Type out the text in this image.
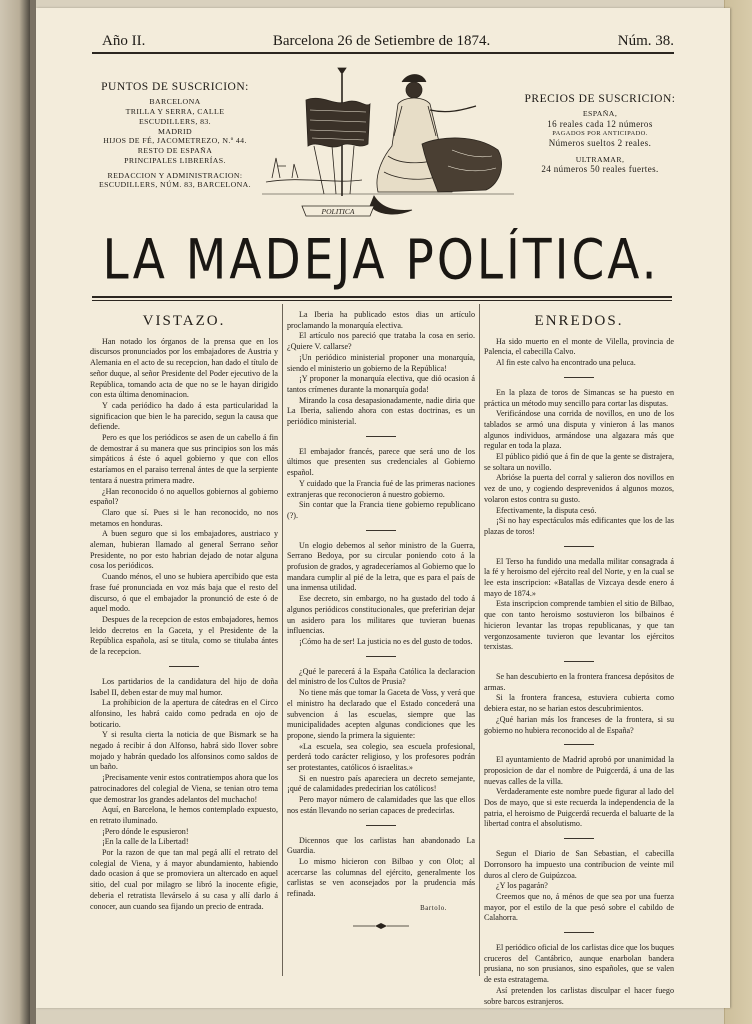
Año II.	Barcelona 26 de Setiembre de 1874.	Núm. 38.
PUNTOS DE SUSCRICION:
BARCELONA
TRILLA Y SERRA, CALLE ESCUDILLERS, 83.
MADRID
HIJOS DE FÉ, JACOMETREZO, N.º 44.
RESTO DE ESPAÑA
PRINCIPALES LIBRERÍAS.
REDACCION Y ADMINISTRACION:
ESCUDILLERS, NÚM. 83, BARCELONA.
POLITICA
PRECIOS DE SUSCRICION:
ESPAÑA,
16 reales cada 12 números
PAGADOS POR ANTICIPADO.
Números sueltos 2 reales.
ULTRAMAR,
24 números 50 reales fuertes.
LA MADEJA POLÍTICA.
VISTAZO.

Han notado los órganos de la prensa que en los discursos pronunciados por los embajadores de Austria y Alemania en el acto de su recepcion, han dado el título de señor duque, al señor Presidente del Poder ejecutivo de la República, tomando acta de que no se le hayan dirigido con esta última denominacion.

Y cada periódico ha dado á esta particularidad la significacion que bien le ha parecido, segun la causa que defiende.

Pero es que los periódicos se asen de un cabello á fin de demostrar á su manera que sus principios son los más simpáticos á éste ó aquel gobierno y que con ellos estaríamos en el paraiso terrenal ántes de que la serpiente tentara á nuestra primera madre.

¿Han reconocido ó no aquellos gobiernos al gobierno español?

Claro que sí. Pues si le han reconocido, no nos metamos en honduras.

A buen seguro que si los embajadores, austriaco y aleman, hubieran llamado al general Serrano señor Presidente, no por esto habrian dejado de notar alguna cosa los periódicos.

Cuando ménos, el uno se hubiera apercibido que esta frase fué pronunciada en voz más baja que el resto del discurso, ó que el embajador la pronunció de este ó de aquel modo.

Despues de la recepcion de estos embajadores, hemos leido decretos en la Gaceta, y el Presidente de la República española, así se titula, como se titulaba ántes de la recepcion.

Los partidarios de la candidatura del hijo de doña Isabel II, deben estar de muy mal humor.

La prohibicion de la apertura de cátedras en el Circo alfonsino, les habrá caido como pedrada en ojo de boticario.

Y si resulta cierta la noticia de que Bismark se ha negado á recibir á don Alfonso, habrá sido llover sobre mojado y habrán quedado los alfonsinos como saldos de un baño.

¡Precisamente venir estos contratiempos ahora que los patrocinadores del colegial de Viena, se tenian otro tema que demostrar los grandes adelantos del muchacho!

Aquí, en Barcelona, le hemos contemplado expuesto, en retrato iluminado.

¡Pero dónde le espusieron!

¡En la calle de la Libertad!

Por la razon de que tan mal pegá allí el retrato del colegial de Viena, y á mayor abundamiento, habiendo dado ocasion á que se promoviera un altercado en aquel sitio, del cual por milagro se libró la inocente efigie, deberia el retratista llevárselo á su casa y allí darlo á conocer, aun cuando sea fijando un precio de entrada.

La Iberia ha publicado estos dias un artículo proclamando la monarquía electiva.

El artículo nos pareció que trataba la cosa en serio. ¿Quiere V. callarse?

¡Un periódico ministerial proponer una monarquía, siendo el ministerio un gobierno de la República!

¡Y proponer la monarquía electiva, que dió ocasion á tantos crímenes durante la monarquía goda!

Mirando la cosa desapasionadamente, nadie diria que La Iberia, saliendo ahora con estas doctrinas, es un periódico ministerial.

El embajador francés, parece que será uno de los últimos que presenten sus credenciales al Gobierno español.

Y cuidado que la Francia fué de las primeras naciones extranjeras que reconocieron á nuestro gobierno.

Sin contar que la Francia tiene gobierno republicano (?).

Un elogio debemos al señor ministro de la Guerra, Serrano Bedoya, por su circular poniendo coto á la profusion de grados, y agradeceríamos al Gobierno que lo mandara cumplir al pié de la letra, que es para el país de una inmensa utilidad.

Ese decreto, sin embargo, no ha gustado del todo á algunos periódicos constitucionales, que preferirian dejar un asidero para los militares que tuvieran buenas influencias.

¡Cómo ha de ser! La justicia no es del gusto de todos.

¿Qué le parecerá á la España Católica la declaracion del ministro de los Cultos de Prusia?

No tiene más que tomar la Gaceta de Voss, y verá que el ministro ha declarado que el Estado concederá una subvencion á las escuelas, siempre que las municipalidades acepten algunas condiciones que les propone, siendo la primera la siguiente:

«La escuela, sea colegio, sea escuela profesional, perderá todo carácter religioso, y los profesores podrán ser protestantes, católicos ó israelitas.»

Si en nuestro país apareciera un decreto semejante, ¡qué de calamidades predecirian los católicos!

Pero mayor número de calamidades que las que ellos nos están llevando no serian capaces de predecirlas.

Dicennos que los carlistas han abandonado La Guardia.

Lo mismo hicieron con Bilbao y con Olot; al acercarse las columnas del ejército, generalmente los carlistas se ven aconsejados por la prudencia más refinada.

Bartolo.
ENREDOS.

Ha sido muerto en el monte de Vilella, provincia de Palencia, el cabecilla Calvo.

Al fin este calvo ha encontrado una peluca.

En la plaza de toros de Simancas se ha puesto en práctica un método muy sencillo para cortar las disputas.

Verificándose una corrida de novillos, en uno de los tablados se armó una disputa y vinieron á las manos algunos individuos, armándose una algazara más que regular en toda la plaza.

El público pidió que á fin de que la gente se distrajera, se soltara un novillo.

Abrióse la puerta del corral y salieron dos novillos en vez de uno, y cogiendo desprevenidos á algunos mozos, volaron estos contra su gusto.

Efectivamente, la disputa cesó.

¡Si no hay espectáculos más edificantes que los de las plazas de toros!

El Terso ha fundido una medalla militar consagrada á la fé y heroismo del ejército real del Norte, y en la cual se lee esta inscripcion: «Batallas de Vizcaya desde enero á mayo de 1874.»

Esta inscripcion comprende tambien el sitio de Bilbao, que con tanto heroismo sostuvieron los bilbainos é hicieron levantar las tropas republicanas, y que tan vergonzosamente tuvieron que levantar los ejércitos terxistas.

Se han descubierto en la frontera francesa depósitos de armas.

Si la frontera francesa, estuviera cubierta como debiera estar, no se harian estos descubrimientos.

¿Qué harian más los franceses de la frontera, si su gobierno no hubiera reconocido al de España?

El ayuntamiento de Madrid aprobó por unanimidad la proposicion de dar el nombre de Puigcerdá, á una de las nuevas calles de la villa.

Verdaderamente este nombre puede figurar al lado del Dos de mayo, que si este recuerda la independencia de la patria, el heroismo de Puigcerdá recuerda el baluarte de la libertad contra el absolutismo.

Segun el Diario de San Sebastian, el cabecilla Dorronsoro ha impuesto una contribucion de veinte mil duros al clero de Guipúzcoa.

¿Y los pagarán?

Creemos que no, á ménos de que sea por una fuerza mayor, por el estilo de la que pesó sobre el cabildo de Calahorra.

El periódico oficial de los carlistas dice que los buques cruceros del Cantábrico, aunque enarbolan bandera prusiana, no son prusianos, sino españoles, que se valen de esta estratagema.

Así pretenden los carlistas disculpar el hacer fuego sobre barcos estranjeros.
